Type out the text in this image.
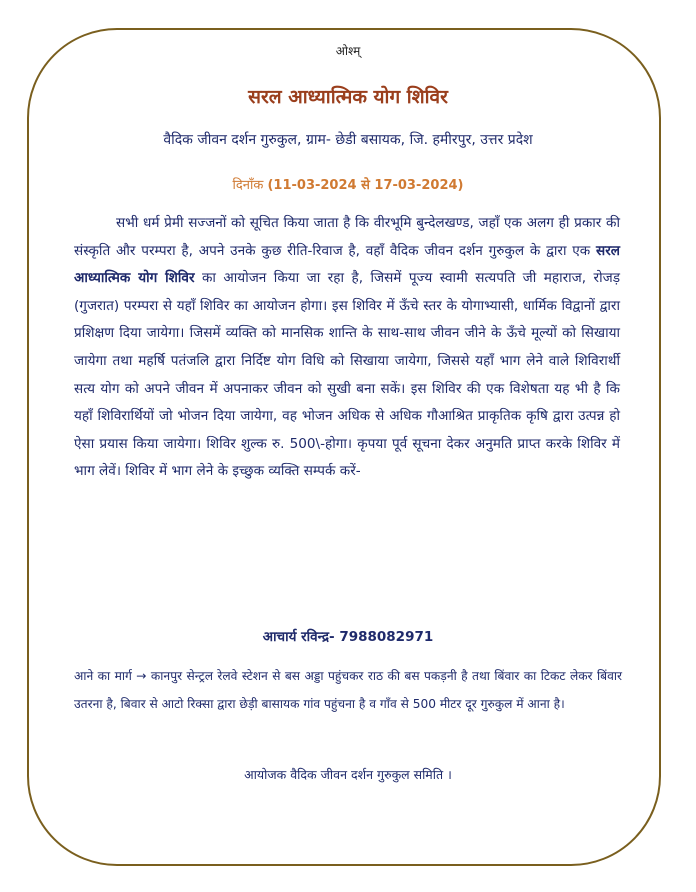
ओश्म्
सरल आध्यात्मिक योग शिविर
वैदिक जीवन दर्शन गुरुकुल, ग्राम- छेडी बसायक, जि. हमीरपुर, उत्तर प्रदेश
दिनाँक (11-03-2024 से 17-03-2024)

सभी धर्म प्रेमी सज्जनों को सूचित किया जाता है कि वीरभूमि बुन्देलखण्ड, जहाँ एक अलग ही प्रकार की संस्कृति और परम्परा है, अपने उनके कुछ रीति-रिवाज है, वहाँ वैदिक जीवन दर्शन गुरुकुल के द्वारा एक सरल आध्यात्मिक योग शिविर का आयोजन किया जा रहा है, जिसमें पूज्य स्वामी सत्यपति जी महाराज, रोजड़ (गुजरात) परम्परा से यहाँ शिविर का आयोजन होगा। इस शिविर में ऊँचे स्तर के योगाभ्यासी, धार्मिक विद्वानों द्वारा प्रशिक्षण दिया जायेगा। जिसमें व्यक्ति को मानसिक शान्ति के साथ-साथ जीवन जीने के ऊँचे मूल्यों को सिखाया जायेगा तथा महर्षि पतंजलि द्वारा निर्दिष्ट योग विधि को सिखाया जायेगा, जिससे यहाँ भाग लेने वाले शिविरार्थी सत्य योग को अपने जीवन में अपनाकर जीवन को सुखी बना सकें। इस शिविर की एक विशेषता यह भी है कि यहाँ शिविरार्थियों जो भोजन दिया जायेगा, वह भोजन अधिक से अधिक गौआश्रित प्राकृतिक कृषि द्वारा उत्पन्न हो ऐसा प्रयास किया जायेगा। शिविर शुल्क रु. 500\-होगा। कृपया पूर्व सूचना देकर अनुमति प्राप्त करके शिविर में भाग लेवें। शिविर में भाग लेने के इच्छुक व्यक्ति सम्पर्क करें-

आचार्य रविन्द्र- 7988082971

आने का मार्ग → कानपुर सेन्ट्रल रेलवे स्टेशन से बस अड्डा पहुंचकर राठ की बस पकड़नी है तथा बिंवार का टिकट लेकर बिंवार उतरना है, बिवार से आटो रिक्सा द्वारा छेड़ी बासायक गांव पहुंचना है व गाँव से 500 मीटर दूर गुरुकुल में आना है।

आयोजक वैदिक जीवन दर्शन गुरुकुल समिति ।
